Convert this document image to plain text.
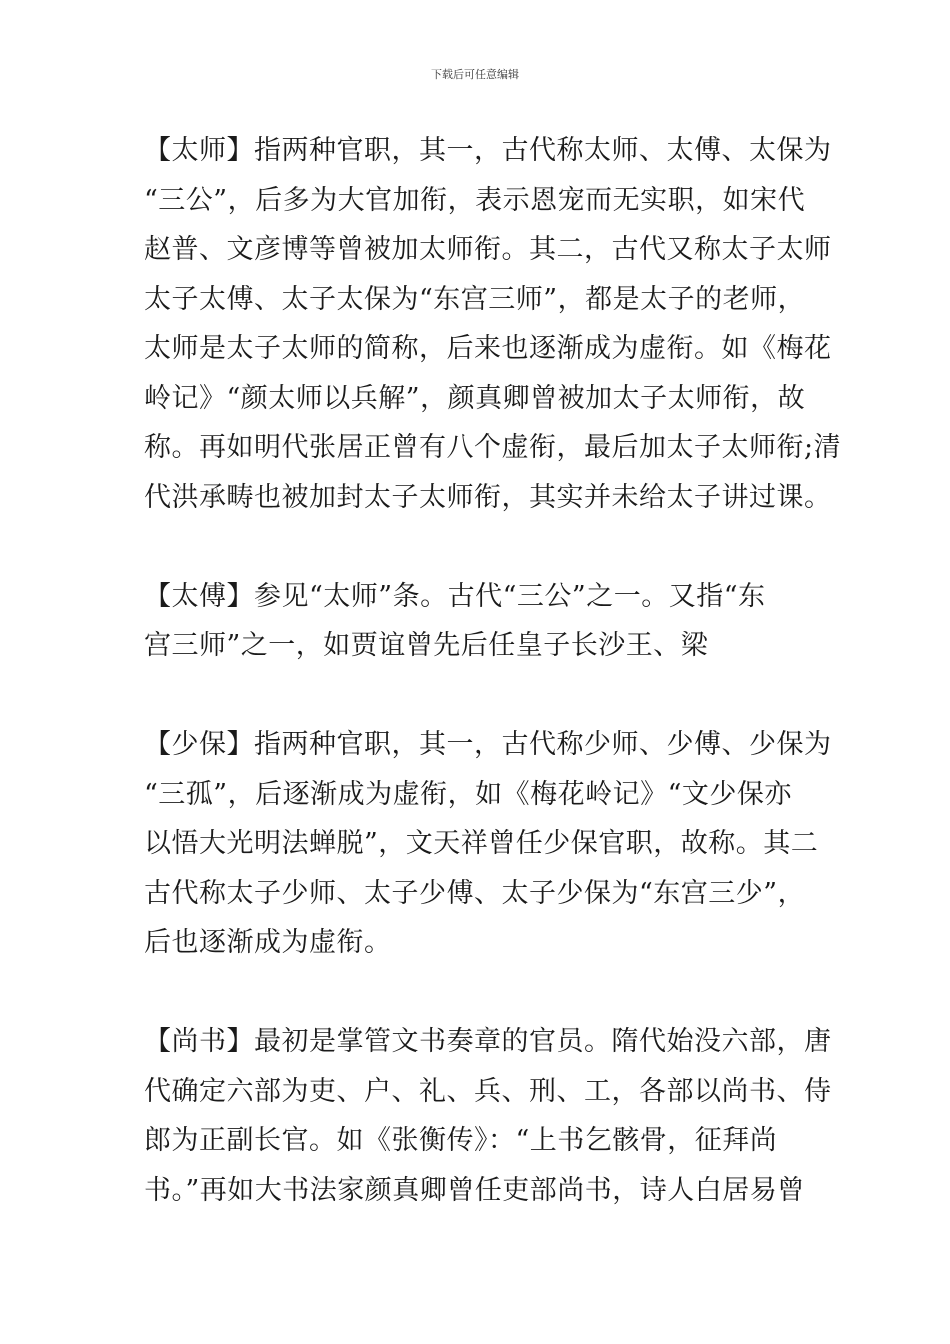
下载后可任意编辑
【太师】指两种官职，其一，古代称太师、太傅、太保为
“三公”，后多为大官加衔，表示恩宠而无实职，如宋代
赵普、文彦博等曾被加太师衔。其二，古代又称太子太师
太子太傅、太子太保为“东宫三师”，都是太子的老师，
太师是太子太师的简称，后来也逐渐成为虚衔。如《梅花
岭记》“颜太师以兵解”，颜真卿曾被加太子太师衔，故
称。再如明代张居正曾有八个虚衔，最后加太子太师衔;清
代洪承畴也被加封太子太师衔，其实并未给太子讲过课。
【太傅】参见“太师”条。古代“三公”之一。又指“东
宫三师”之一，如贾谊曾先后任皇子长沙王、梁
【少保】指两种官职，其一，古代称少师、少傅、少保为
“三孤”，后逐渐成为虚衔，如《梅花岭记》“文少保亦
以悟大光明法蝉脱”，文天祥曾任少保官职，故称。其二
古代称太子少师、太子少傅、太子少保为“东宫三少”，
后也逐渐成为虚衔。
【尚书】最初是掌管文书奏章的官员。隋代始没六部，唐
代确定六部为吏、户、礼、兵、刑、工，各部以尚书、侍
郎为正副长官。如《张衡传》：“上书乞骸骨，征拜尚
书。”再如大书法家颜真卿曾任吏部尚书，诗人白居易曾
